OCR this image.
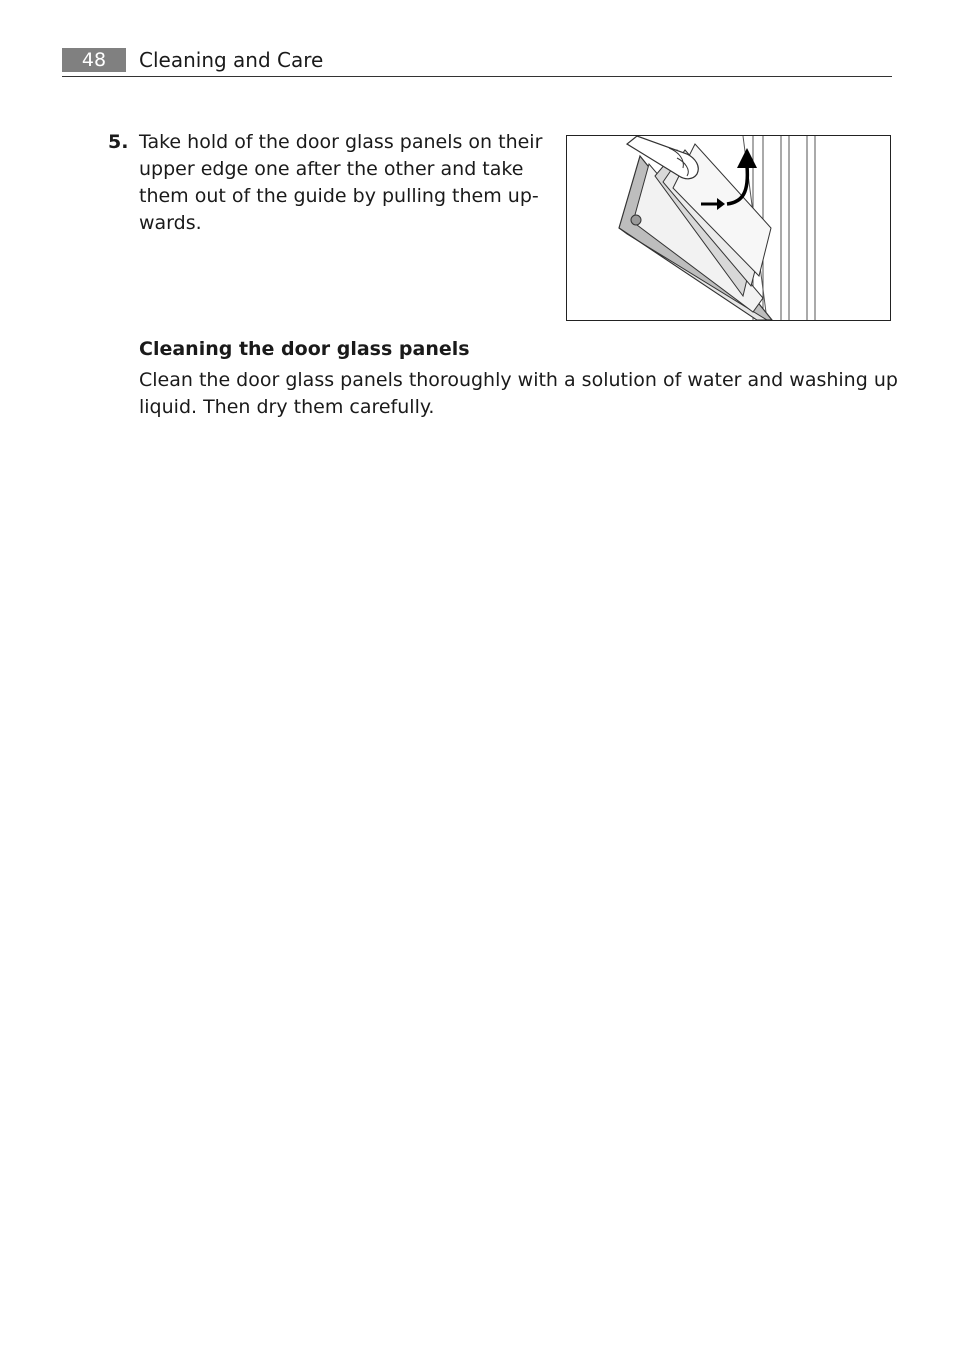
48	Cleaning and Care
5. Take hold of the door glass panels on their
upper edge one after the other and take
them out of the guide by pulling them up-
wards.
Cleaning the door glass panels
Clean the door glass panels thoroughly with a solution of water and washing up liquid. Then dry them carefully.
